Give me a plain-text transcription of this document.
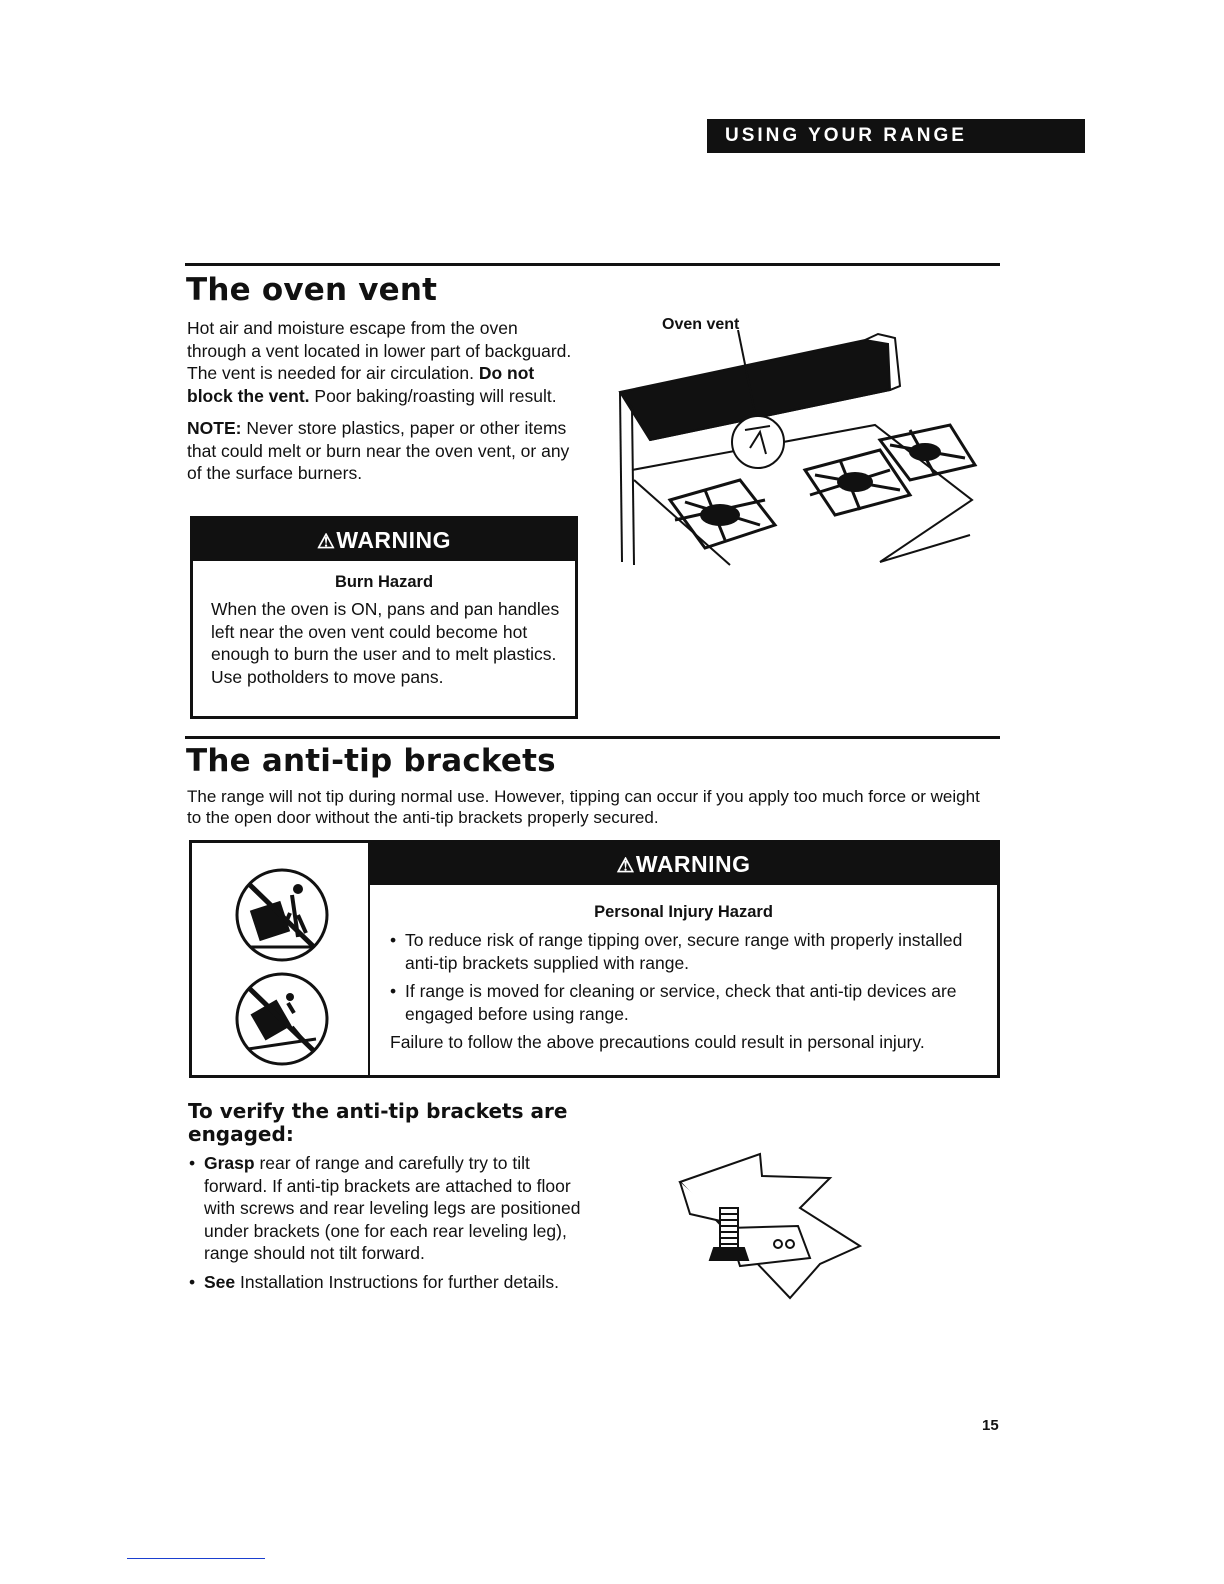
USING YOUR RANGE
The oven vent

Hot air and moisture escape from the oven through a vent located in lower part of backguard. The vent is needed for air circulation. Do not block the vent. Poor baking/roasting will result.

NOTE: Never store plastics, paper or other items that could melt or burn near the oven vent, or any of the surface burners.

Oven vent
⚠WARNING
Burn Hazard
When the oven is ON, pans and pan handles left near the oven vent could become hot enough to burn the user and to melt plastics. Use potholders to move pans.
The anti-tip brackets
The range will not tip during normal use. However, tipping can occur if you apply too much force or weight to the open door without the anti-tip brackets properly secured.
⚠WARNING
Personal Injury Hazard
• To reduce risk of range tipping over, secure range with properly installed anti-tip brackets supplied with range.
• If range is moved for cleaning or service, check that anti-tip devices are engaged before using range.
Failure to follow the above precautions could result in personal injury.
To verify the anti-tip brackets are engaged:
• Grasp rear of range and carefully try to tilt forward. If anti-tip brackets are attached to floor with screws and rear leveling legs are positioned under brackets (one for each rear leveling leg), range should not tilt forward.
• See Installation Instructions for further details.
15
